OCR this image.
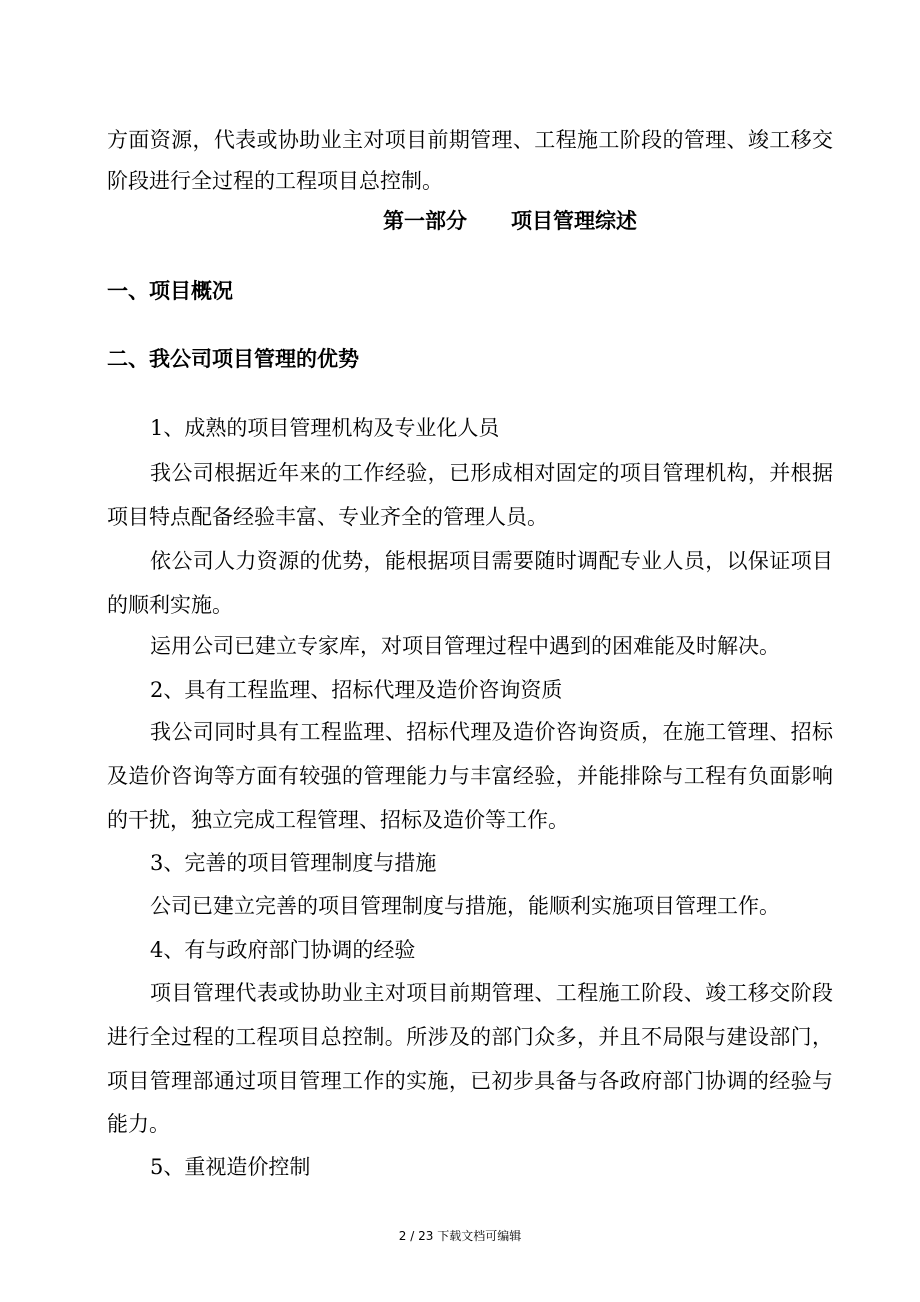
方面资源，代表或协助业主对项目前期管理、工程施工阶段的管理、竣工移交
阶段进行全过程的工程项目总控制。
第一部分 项目管理综述
一、项目概况
二、我公司项目管理的优势
1、成熟的项目管理机构及专业化人员
我公司根据近年来的工作经验，已形成相对固定的项目管理机构，并根据
项目特点配备经验丰富、专业齐全的管理人员。
依公司人力资源的优势，能根据项目需要随时调配专业人员，以保证项目
的顺利实施。
运用公司已建立专家库，对项目管理过程中遇到的困难能及时解决。
2、具有工程监理、招标代理及造价咨询资质
我公司同时具有工程监理、招标代理及造价咨询资质，在施工管理、招标
及造价咨询等方面有较强的管理能力与丰富经验，并能排除与工程有负面影响
的干扰，独立完成工程管理、招标及造价等工作。
3、完善的项目管理制度与措施
公司已建立完善的项目管理制度与措施，能顺利实施项目管理工作。
4、有与政府部门协调的经验
项目管理代表或协助业主对项目前期管理、工程施工阶段、竣工移交阶段
进行全过程的工程项目总控制。所涉及的部门众多，并且不局限与建设部门，
项目管理部通过项目管理工作的实施，已初步具备与各政府部门协调的经验与
能力。
5、重视造价控制
2 / 23 下载文档可编辑
